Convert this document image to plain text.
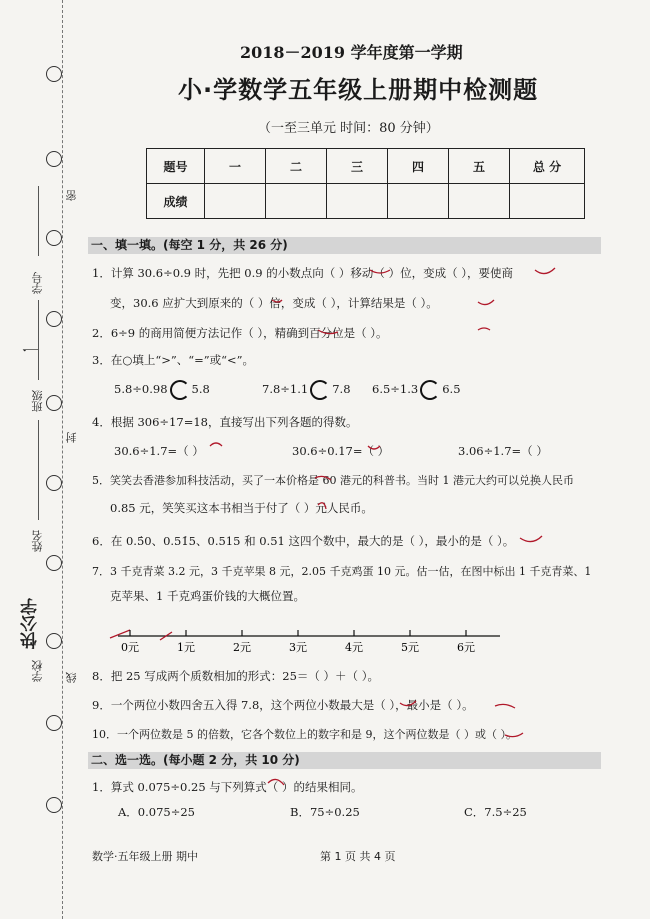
学校
姓名
班级
学号
密
封
线
快公字
一
2018－2019 学年度第一学期
小·学数学五年级上册期中检测题
（一至三单元 时间：80 分钟）
题号	一	二	三	四	五	总 分
成绩						
一、填一填。(每空 1 分，共 26 分)
1．计算 30.6÷0.9 时，先把 0.9 的小数点向（ ）移动（ ）位，变成（ ），要使商
变，30.6 应扩大到原来的（ ）倍，变成（ ），计算结果是（ ）。
2．6÷9 的商用简便方法记作（ ），精确到百分位是（ ）。
3．在○填上“>”、“=”或“<”。
5.8÷0.98 5.8	7.8÷1.1 7.8 6.5÷1.3 6.5
4．根据 306÷17=18，直接写出下列各题的得数。
30.6÷1.7=（ ）	30.6÷0.17=（ ）	3.06÷1.7=（ ）
5．笑笑去香港参加科技活动，买了一本价格是 60 港元的科普书。当时 1 港元大约可以兑换人民币
0.85 元，笑笑买这本书相当于付了（ ）元人民币。
6．在 0.5̇0、0.51̇5、0.515 和 0.51 这四个数中，最大的是（ ），最小的是（ ）。
7．3 千克青菜 3.2 元，3 千克苹果 8 元，2.05 千克鸡蛋 10 元。估一估，在图中标出 1 千克青菜、1
克苹果、1 千克鸡蛋价钱的大概位置。
0元	1元	2元	3元	4元	5元	6元
8．把 25 写成两个质数相加的形式：25＝（ ）＋（ ）。
9．一个两位小数四舍五入得 7.8，这个两位小数最大是（ ），最小是（ ）。
10．一个两位数是 5 的倍数，它各个数位上的数字和是 9，这个两位数是（ ）或（ ）。
二、选一选。(每小题 2 分，共 10 分)
1．算式 0.075÷0.25 与下列算式（ ）的结果相同。
A．0.075÷25	B．75÷0.25	C．7.5÷25
数学·五年级上册 期中	第 1 页 共 4 页
